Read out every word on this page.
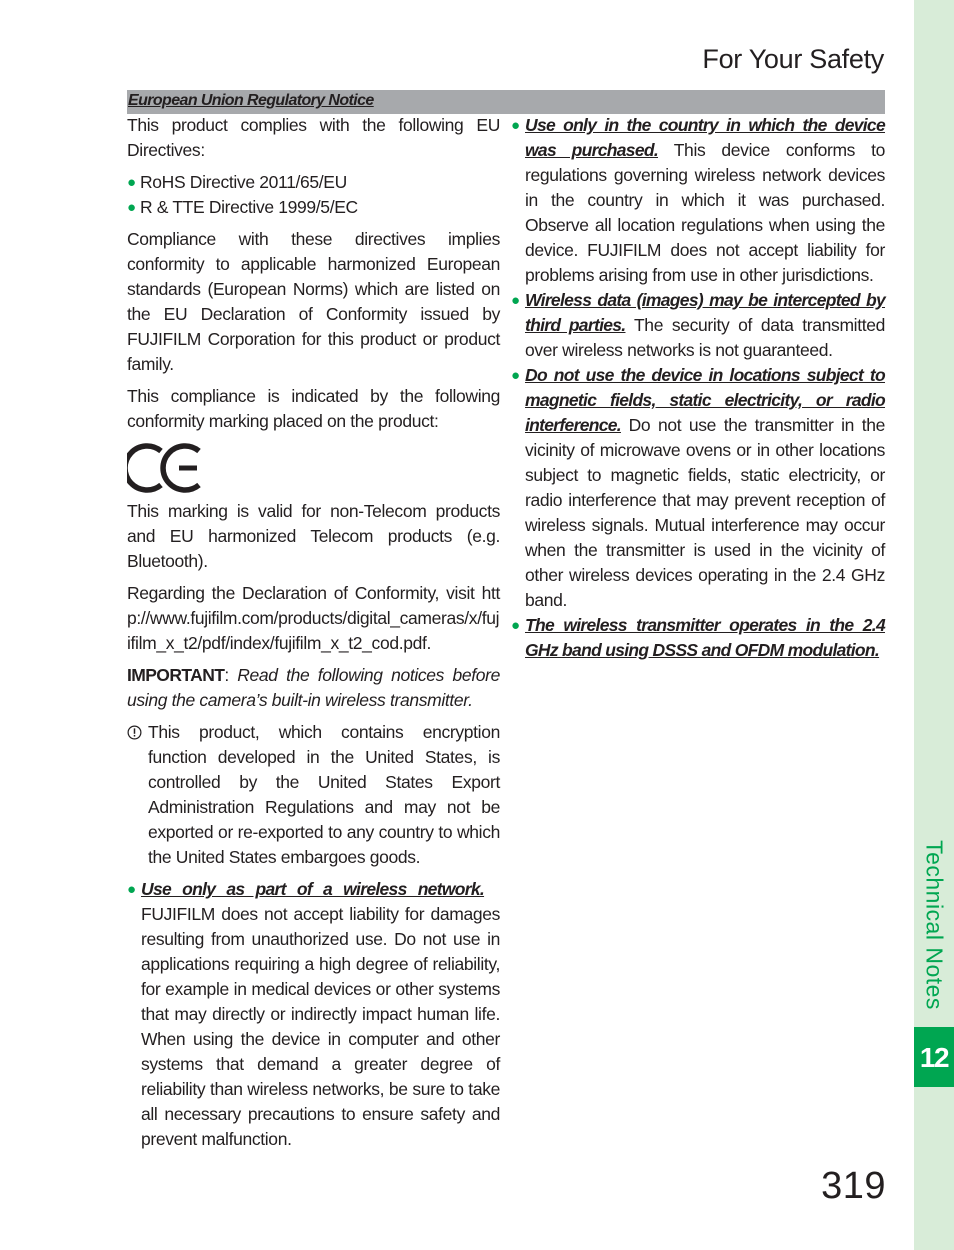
For Your Safety
European Union Regulatory Notice

This product complies with the following EU Directives:

● RoHS Directive 2011/65/EU
● R & TTE Directive 1999/5/EC

Compliance with these directives implies conformity to applicable harmonized European standards (European Norms) which are listed on the EU Declaration of Conformity issued by FUJIFILM Corporation for this product or product family.

This compliance is indicated by the following conformity marking placed on the product:

This marking is valid for non-Telecom products and EU harmonized Telecom products (e.g. Bluetooth).

Regarding the Declaration of Conformity, visit http://www.fujifilm.com/products/digital_cameras/x/fujifilm_x_t2/pdf/index/fujifilm_x_t2_cod.pdf.

IMPORTANT: Read the following notices before using the camera’s built-in wireless transmitter.

This product, which contains encryption function developed in the United States, is controlled by the United States Export Administration Regulations and may not be exported or re-exported to any country to which the United States embargoes goods.
● Use only as part of a wireless network.   FUJIFILM does not accept liability for damages resulting from unauthorized use. Do not use in applications requiring a high degree of reliability, for example in medical devices or other systems that may directly or indirectly impact human life. When using the device in computer and other systems that demand a greater degree of reliability than wireless networks, be sure to take all necessary precautions to ensure safety and prevent malfunction.
● Use only in the country in which the device was purchased. This device conforms to regulations governing wireless network devices in the country in which it was purchased. Observe all location regulations when using the device. FUJIFILM does not accept liability for problems arising from use in other jurisdictions.
● Wireless data (images) may be intercepted by third parties. The security of data transmitted over wireless networks is not guaranteed.
● Do not use the device in locations subject to magnetic fields, static electricity, or radio interference. Do not use the transmitter in the vicinity of microwave ovens or in other locations subject to magnetic fields, static electricity, or radio interference that may prevent reception of wireless signals. Mutual interference may occur when the transmitter is used in the vicinity of other wireless devices operating in the 2.4 GHz band.
● The wireless transmitter operates in the 2.4 GHz band using DSSS and OFDM modulation.
Technical Notes
12
319
